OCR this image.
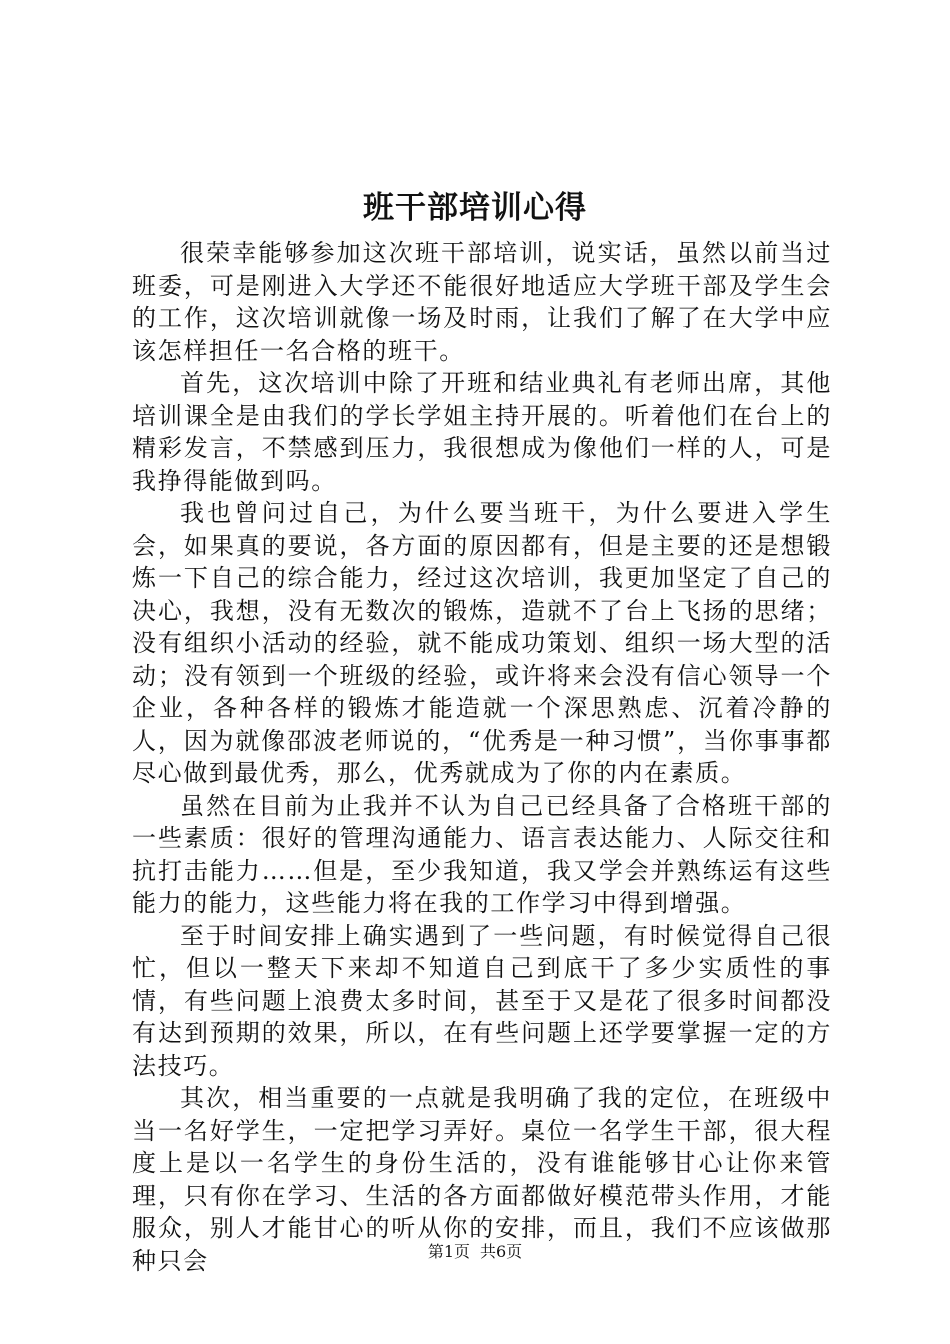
班干部培训心得

很荣幸能够参加这次班干部培训，说实话，虽然以前当过班委，可是刚进入大学还不能很好地适应大学班干部及学生会的工作，这次培训就像一场及时雨，让我们了解了在大学中应该怎样担任一名合格的班干。

首先，这次培训中除了开班和结业典礼有老师出席，其他培训课全是由我们的学长学姐主持开展的。听着他们在台上的精彩发言，不禁感到压力，我很想成为像他们一样的人，可是我挣得能做到吗。

我也曾问过自己，为什么要当班干，为什么要进入学生会，如果真的要说，各方面的原因都有，但是主要的还是想锻炼一下自己的综合能力，经过这次培训，我更加坚定了自己的决心，我想，没有无数次的锻炼，造就不了台上飞扬的思绪；没有组织小活动的经验，就不能成功策划、组织一场大型的活动；没有领到一个班级的经验，或许将来会没有信心领导一个企业，各种各样的锻炼才能造就一个深思熟虑、沉着冷静的人，因为就像邵波老师说的，“优秀是一种习惯”，当你事事都尽心做到最优秀，那么，优秀就成为了你的内在素质。

虽然在目前为止我并不认为自己已经具备了合格班干部的一些素质：很好的管理沟通能力、语言表达能力、人际交往和抗打击能力……但是，至少我知道，我又学会并熟练运有这些能力的能力，这些能力将在我的工作学习中得到增强。

至于时间安排上确实遇到了一些问题，有时候觉得自己很忙，但以一整天下来却不知道自己到底干了多少实质性的事情，有些问题上浪费太多时间，甚至于又是花了很多时间都没有达到预期的效果，所以，在有些问题上还学要掌握一定的方法技巧。

其次，相当重要的一点就是我明确了我的定位，在班级中当一名好学生，一定把学习弄好。桌位一名学生干部，很大程度上是以一名学生的身份生活的，没有谁能够甘心让你来管理，只有你在学习、生活的各方面都做好模范带头作用，才能服众，别人才能甘心的听从你的安排，而且，我们不应该做那种只会	第1页 共6页
